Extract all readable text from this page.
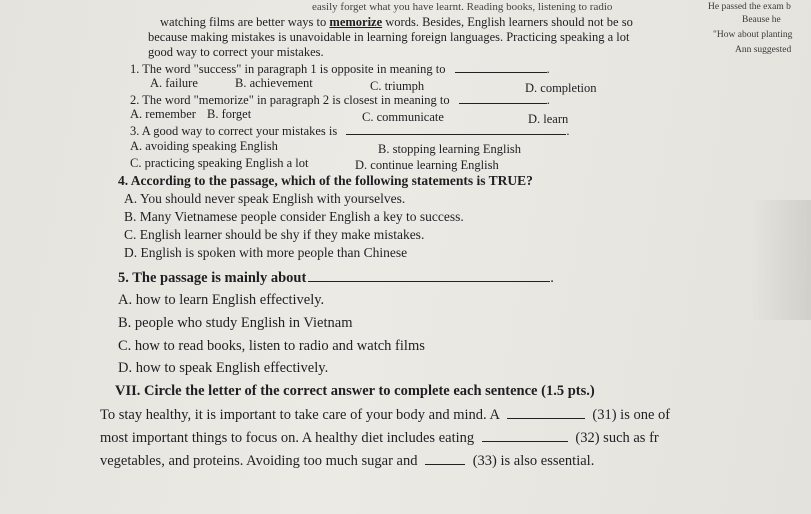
easily forget what you have learnt. Reading books, listening to radio
watching films are better ways to memorize words. Besides, English learners should not be so
because making mistakes is unavoidable in learning foreign languages. Practicing speaking a lot
good way to correct your mistakes.
He passed the exam b
Beause he
"How about planting
Ann suggested
1. The word "success" in paragraph 1 is opposite in meaning to	.
A. failure	B. achievement	C. triumph	D. completion
2. The word "memorize" in paragraph 2 is closest in meaning to	.
A. remember B. forget	C. communicate	D. learn
3. A good way to correct your mistakes is	.
A. avoiding speaking English	B. stopping learning English
C. practicing speaking English a lot	D. continue learning English
4. According to the passage, which of the following statements is TRUE?
A. You should never speak English with yourselves.
B. Many Vietnamese people consider English a key to success.
C. English learner should be shy if they make mistakes.
D. English is spoken with more people than Chinese
5. The passage is mainly about	.
A. how to learn English effectively.
B. people who study English in Vietnam
C. how to read books, listen to radio and watch films
D. how to speak English effectively.
VII. Circle the letter of the correct answer to complete each sentence (1.5 pts.)
To stay healthy, it is important to take care of your body and mind. A	(31) is one of
most important things to focus on. A healthy diet includes eating	(32) such as fr
vegetables, and proteins. Avoiding too much sugar and	(33) is also essential.
